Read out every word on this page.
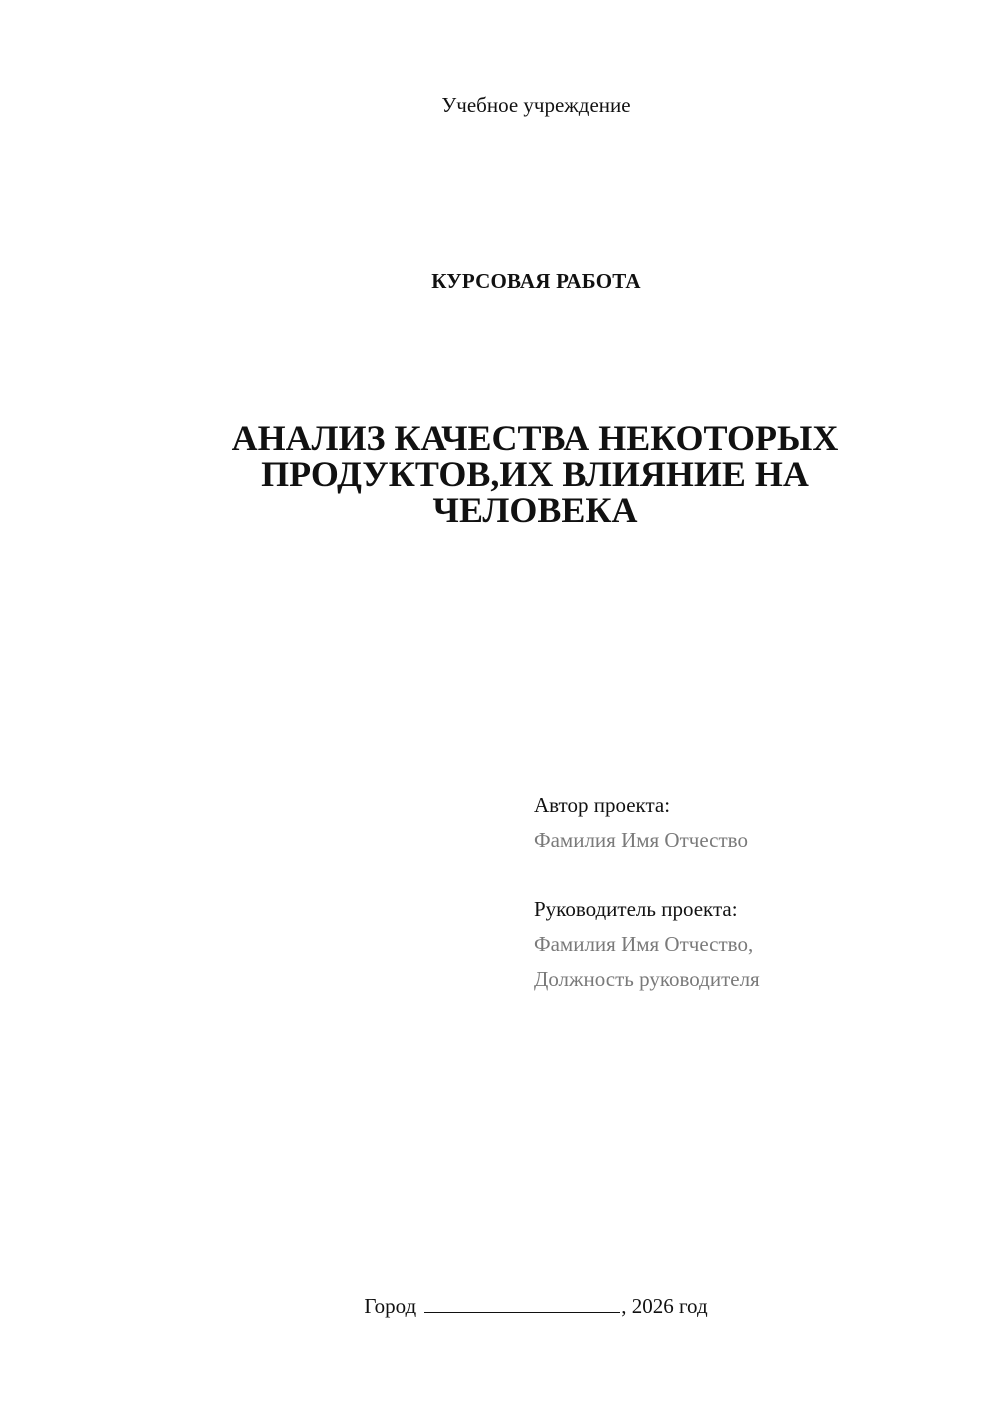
Учебное учреждение
КУРСОВАЯ РАБОТА
АНАЛИЗ КАЧЕСТВА НЕКОТОРЫХ
ПРОДУКТОВ,ИХ ВЛИЯНИЕ НА
ЧЕЛОВЕКА
Автор проекта:
Фамилия Имя Отчество
Руководитель проекта:
Фамилия Имя Отчество,
Должность руководителя
Город	, 2026 год
